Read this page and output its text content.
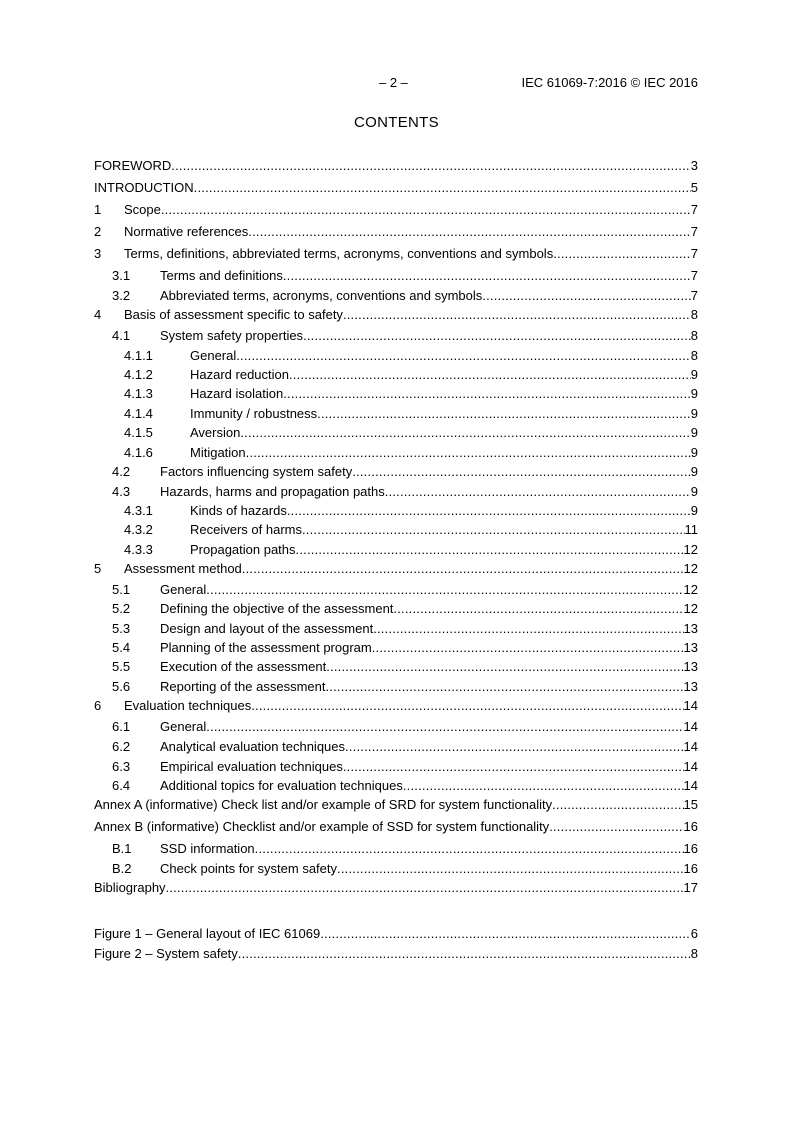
– 2 –	IEC 61069-7:2016 © IEC 2016
CONTENTS
FOREWORD .....	3
INTRODUCTION .....	5
1	Scope .....	7
2	Normative references .....	7
3	Terms, definitions, abbreviated terms, acronyms, conventions and symbols .....	7
3.1	Terms and definitions .....	7
3.2	Abbreviated terms, acronyms, conventions and symbols .....	7
4	Basis of assessment specific to safety .....	8
4.1	System safety properties .....	8
4.1.1	General .....	8
4.1.2	Hazard reduction .....	9
4.1.3	Hazard isolation .....	9
4.1.4	Immunity / robustness .....	9
4.1.5	Aversion .....	9
4.1.6	Mitigation .....	9
4.2	Factors influencing system safety .....	9
4.3	Hazards, harms and propagation paths .....	9
4.3.1	Kinds of hazards .....	9
4.3.2	Receivers of harms .....	11
4.3.3	Propagation paths .....	12
5	Assessment method .....	12
5.1	General .....	12
5.2	Defining the objective of the assessment .....	12
5.3	Design and layout of the assessment .....	13
5.4	Planning of the assessment program .....	13
5.5	Execution of the assessment .....	13
5.6	Reporting of the assessment .....	13
6	Evaluation techniques .....	14
6.1	General .....	14
6.2	Analytical evaluation techniques .....	14
6.3	Empirical evaluation techniques .....	14
6.4	Additional topics for evaluation techniques .....	14
Annex A (informative) Check list and/or example of SRD for system functionality .....	15
Annex B (informative) Checklist and/or example of SSD for system functionality .....	16
B.1	SSD information .....	16
B.2	Check points for system safety .....	16
Bibliography .....	17
Figure 1 – General layout of IEC 61069 .....	6
Figure 2 – System safety .....	8
